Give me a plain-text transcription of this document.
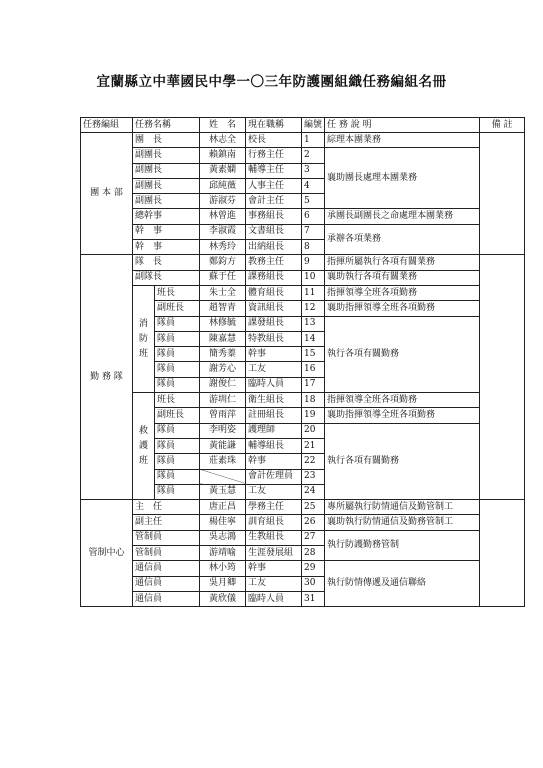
宜蘭縣立中華國民中學一〇三年防護團組織任務編組名冊
任務編組	任務名稱		姓　名	現在職稱	編號	任 務 說 明	備 註
團 本 部	團　長		林志全	校長	1	綜理本團業務	
	副團長		賴鎮南	行務主任	2	襄助團長處理本團業務	
	副團長		黃素嫻	輔導主任	3		
	副團長		邱純薇	人事主任	4		
	副團長		游淑芬	會計主任	5		
	總幹事		林曾進	事務組長	6	承團長副團長之命處理本團業務	
	幹　事		李淑霞	文書組長	7	承辦各項業務	
	幹　事		林秀玲	出納組長	8		
勤 務 隊	隊　長		鄭鈞方	教務主任	9	指揮所屬執行各項有關業務	
	副隊長		蘇于任	課務組長	10	襄助執行各項有關業務	

	消防班	班長	朱士全	體育組長	11	指揮領導全班各項勤務	
		副班長	趙智青	資訊組長	12	襄助指揮領導全班各項勤務	
		隊員	林修毓	課發組長	13	執行各項有關勤務	
		隊員	陳嘉慧	特教組長	14		
		隊員	簡秀蓁	幹事	15		
		隊員	謝芳心	工友	16		
		隊員	謝俊仁	臨時人員	17		

	救護班	班長	游圳仁	衛生組長	18	指揮領導全班各項勤務	
		副班長	曾雨萍	註冊組長	19	襄助指揮領導全班各項勤務	
		隊員	李明姿	護理師	20	執行各項有關勤務	
		隊員	黃能謙	輔導組長	21		
		隊員	莊素珠	幹事	22		
		隊員		會計佐理員	23		
		隊員	黃玉慧	工友	24		
管制中心	主　任		唐正昌	學務主任	25	專所屬執行防情通信及勤管制工	
	副主任		楊佳寧	訓育組長	26	襄助執行防情通信及勤務管制工	
	管制員		吳志鴻	生教組長	27	執行防護勤務管制	
	管制員		游靖喻	生涯發展組	28		
	通信員		林小筠	幹事	29	執行防情傳遞及通信聯絡	
	通信員		吳月卿	工友	30		
	通信員		黃欣儀	臨時人員	31		
